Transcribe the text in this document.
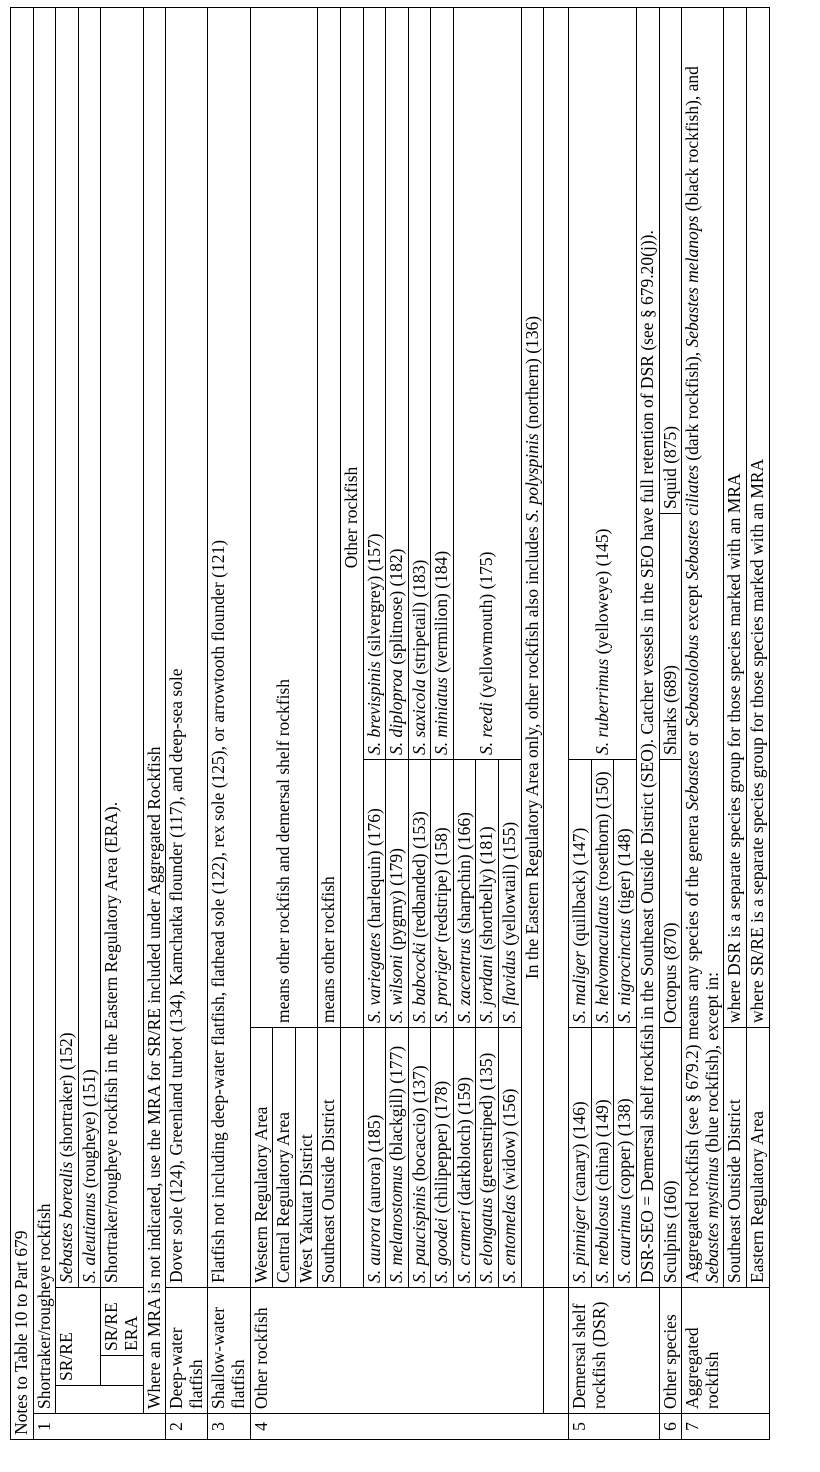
Notes to Table 10 to Part 679							
1	Shortraker/rougheye rockfish						
		SR/RE		Sebastes borealis (shortraker) (152)			
				S. aleutianus (rougheye) (151)			
			SR/RE ERA	Shortraker/rougheye rockfish in the Eastern Regulatory Area (ERA).			
	Where an MRA is not indicated, use the MRA for SR/RE included under Aggregated Rockfish						
2	Deep-water flatfish			Dover sole (124), Greenland turbot (134), Kamchatka flounder (117), and deep-sea sole			
3	Shallow-water flatfish			Flatfish not including deep-water flatfish, flathead sole (122), rex sole (125), or arrowtooth flounder (121)			
4	Other rockfish			Western Regulatory Area	means other rockfish and demersal shelf rockfish		
				Central Regulatory Area			
				West Yakutat District			
				Southeast Outside District	means other rockfish		
					Other rockfish		
				S. aurora (aurora) (185)	S. variegates (harlequin) (176)	S. brevispinis (silvergrey) (157)	
				S. melanostomus (blackgill) (177)	S. wilsoni (pygmy) (179)	S. diploproa (splitnose) (182)	
				S. paucispinis (bocaccio) (137)	S. babcocki (redbanded) (153)	S. saxicola (stripetail) (183)	
				S. goodei (chilipepper) (178)	S. proriger (redstripe) (158)	S. miniatus (vermilion) (184)	
				S. crameri (darkblotch) (159)	S. zacentrus (sharpchin) (166)	S. reedi (yellowmouth) (175)	
				S. elongatus (greenstriped) (135)	S. jordani (shortbelly) (181)		
				S. entomelas (widow) (156)	S. flavidus (yellowtail) (155)		
				In the Eastern Regulatory Area only, other rockfish also includes S. polyspinis (northern) (136)			

5	Demersal shelf rockfish (DSR)			S. pinniger (canary) (146)	S. maliger (quillback) (147)	S. ruberrimus (yelloweye) (145)	
				S. nebulosus (china) (149)	S. helvomaculatus (rosethorn) (150)		
				S. caurinus (copper) (138)	S. nigrocinctus (tiger) (148)		
				DSR-SEO = Demersal shelf rockfish in the Southeast Outside District (SEO). Catcher vessels in the SEO have full retention of DSR (see § 679.20(j)).			
6	Other species			Sculpins (160)	Octopus (870)	Sharks (689)	Squid (875)
7	Aggregated rockfish			Aggregated rockfish (see § 679.2) means any species of the genera Sebastes or Sebastolobus except Sebastes ciliates (dark rockfish), Sebastes melanops (black rockfish), and Sebastes mystinus (blue rockfish), except in:			
				Southeast Outside District	where DSR is a separate species group for those species marked with an MRA		
				Eastern Regulatory Area	where SR/RE is a separate species group for those species marked with an MRA		
